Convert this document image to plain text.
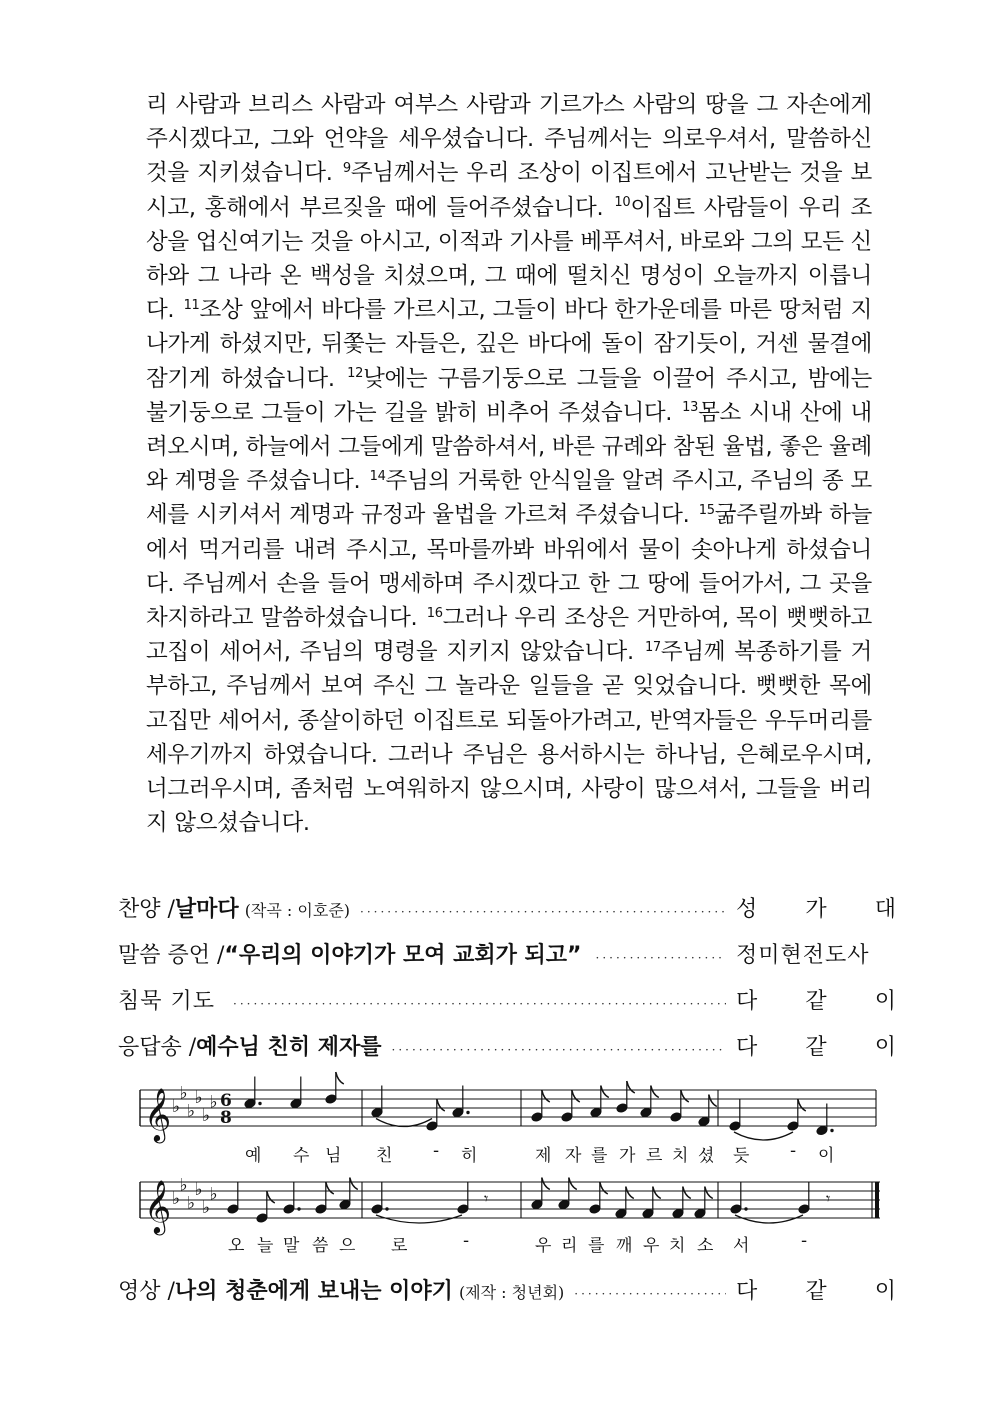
리 사람과 브리스 사람과 여부스 사람과 기르가스 사람의 땅을 그 자손에게 주시겠다고, 그와 언약을 세우셨습니다. 주님께서는 의로우셔서, 말씀하신 것을 지키셨습니다. $^9$주님께서는 우리 조상이 이집트에서 고난받는 것을 보시고, 홍해에서 부르짖을 때에 들어주셨습니다. $^{10}$이집트 사람들이 우리 조상을 업신여기는 것을 아시고, 이적과 기사를 베푸셔서, 바로와 그의 모든 신하와 그 나라 온 백성을 치셨으며, 그 때에 떨치신 명성이 오늘까지 이릅니다. $^{11}$조상 앞에서 바다를 가르시고, 그들이 바다 한가운데를 마른 땅처럼 지나가게 하셨지만, 뒤쫓는 자들은, 깊은 바다에 돌이 잠기듯이, 거센 물결에 잠기게 하셨습니다. $^{12}$낮에는 구름기둥으로 그들을 이끌어 주시고, 밤에는 불기둥으로 그들이 가는 길을 밝히 비추어 주셨습니다. $^{13}$몸소 시내 산에 내려오시며, 하늘에서 그들에게 말씀하셔서, 바른 규례와 참된 율법, 좋은 율례와 계명을 주셨습니다. $^{14}$주님의 거룩한 안식일을 알려 주시고, 주님의 종 모세를 시키셔서 계명과 규정과 율법을 가르쳐 주셨습니다. $^{15}$굶주릴까봐 하늘에서 먹거리를 내려 주시고, 목마를까봐 바위에서 물이 솟아나게 하셨습니다. 주님께서 손을 들어 맹세하며 주시겠다고 한 그 땅에 들어가서, 그 곳을 차지하라고 말씀하셨습니다. $^{16}$그러나 우리 조상은 거만하여, 목이 뻣뻣하고 고집이 세어서, 주님의 명령을 지키지 않았습니다. $^{17}$주님께 복종하기를 거부하고, 주님께서 보여 주신 그 놀라운 일들을 곧 잊었습니다. 뻣뻣한 목에 고집만 세어서, 종살이하던 이집트로 되돌아가려고, 반역자들은 우두머리를 세우기까지 하였습니다. 그러나 주님은 용서하시는 하나님, 은혜로우시며, 너그러우시며, 좀처럼 노여워하지 않으시며, 사랑이 많으셔서, 그들을 버리지 않으셨습니다.

찬양 / 날마다 (작곡 : 이호준) ·····	성 가 대
말씀 증언 / “우리의 이야기가 모여 교회가 되고” ·····	정미현전도사
침묵 기도 ·····	다 같 이
응답송 / 예수님 친히 제자를 ·····	다 같 이
영상 / 나의 청춘에게 보내는 이야기 (제작 : 청년회) ·····	다 같 이
𝄞 ♭
♭
♭
♭
♭
♭ 6
8
𝄞 ♭
♭
♭
♭
♭
♭	𝄾	𝄾
예 수 님 친 - 히	제 자 를 가 르 치 셨 듯 - 이
오 늘 말 씀 으 로	-	우 리 를 깨 우 치 소 서	-
